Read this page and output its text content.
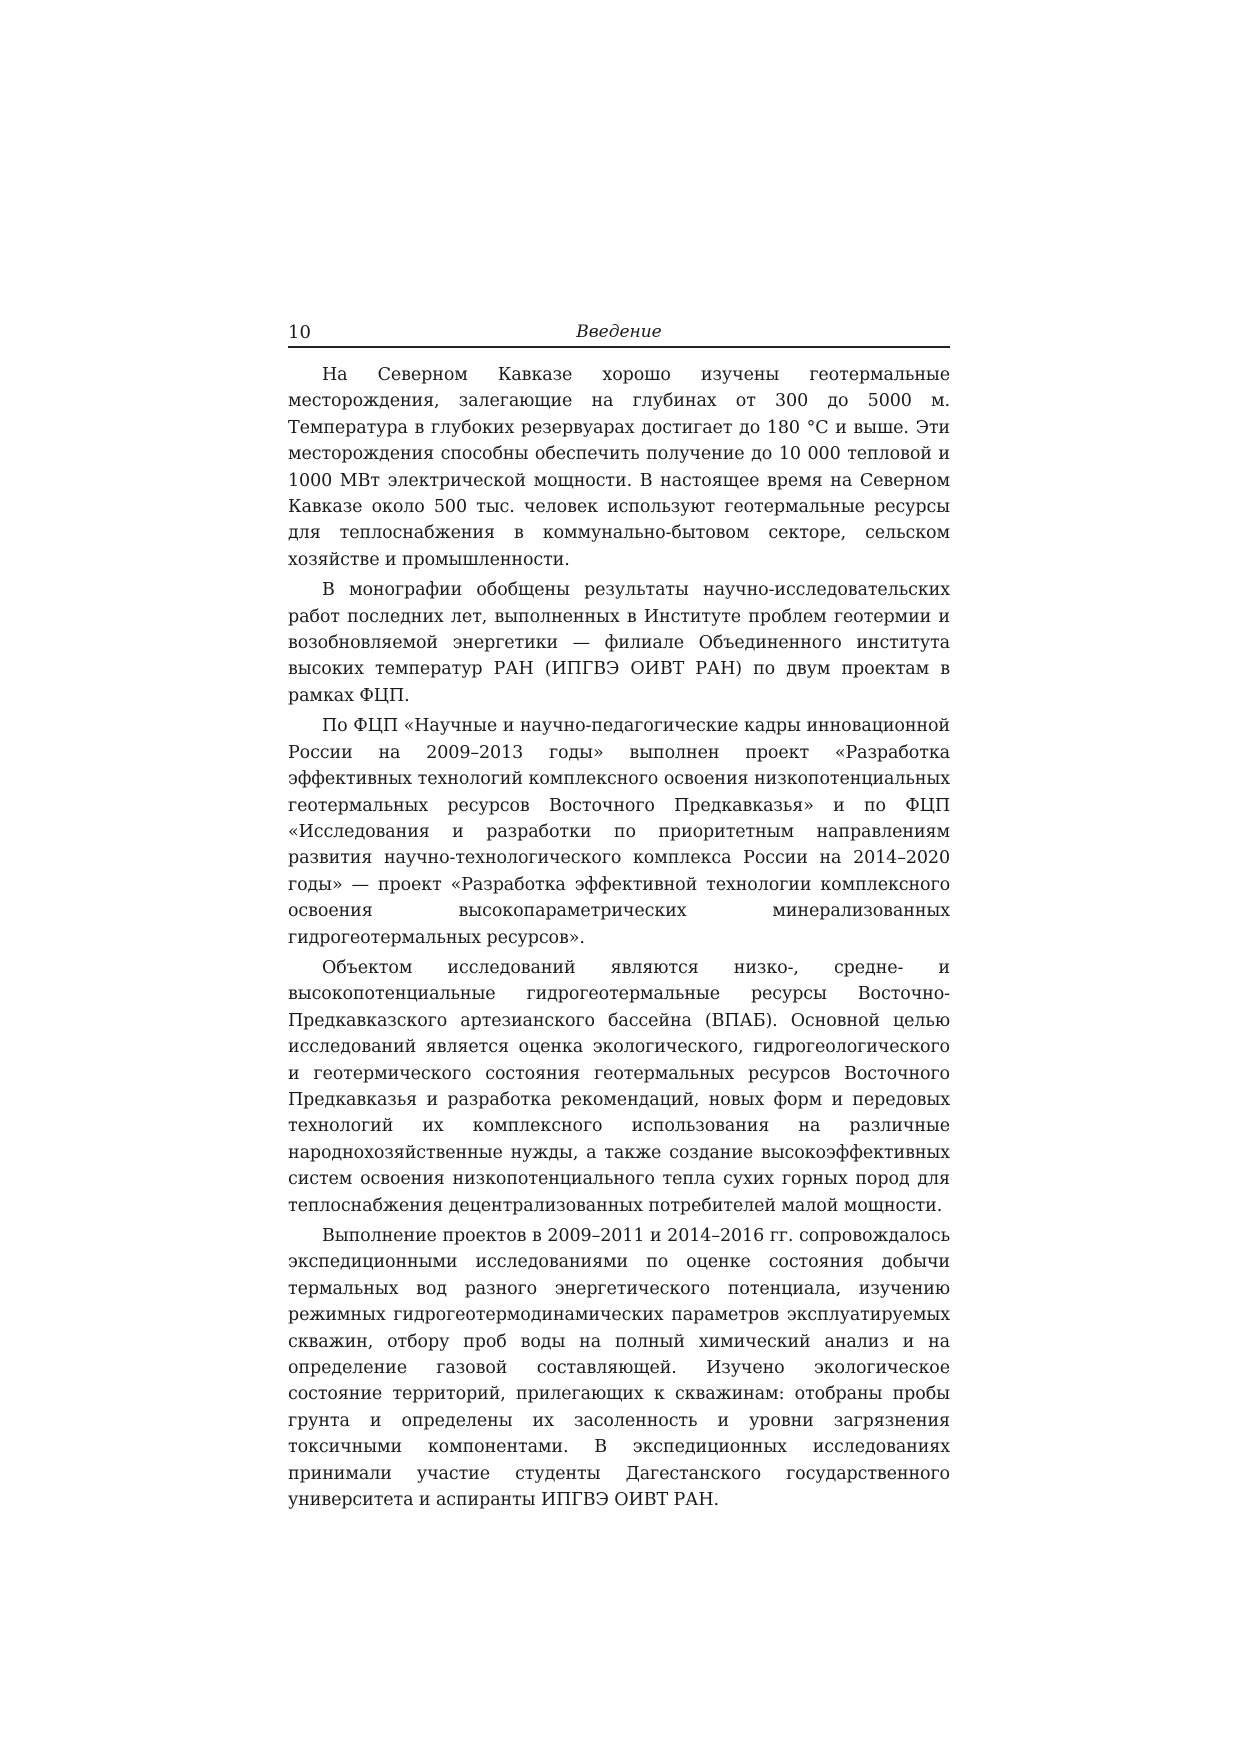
10	Введение

На Северном Кавказе хорошо изучены геотермальные месторождения, залегающие на глубинах от 300 до 5000 м. Температура в глубоких резервуарах достигает до 180 °C и выше. Эти месторождения способны обеспечить получение до 10 000 тепловой и 1000 МВт электрической мощности. В настоящее время на Северном Кавказе около 500 тыс. человек используют геотермальные ресурсы для теплоснабжения в коммунально-бытовом секторе, сельском хозяйстве и промышленности.

В монографии обобщены результаты научно-исследовательских работ последних лет, выполненных в Институте проблем геотермии и возобновляемой энергетики — филиале Объединенного института высоких температур РАН (ИПГВЭ ОИВТ РАН) по двум проектам в рамках ФЦП.

По ФЦП «Научные и научно-педагогические кадры инновационной России на 2009–2013 годы» выполнен проект «Разработка эффективных технологий комплексного освоения низкопотенциальных геотермальных ресурсов Восточного Предкавказья» и по ФЦП «Исследования и разработки по приоритетным направлениям развития научно-технологического комплекса России на 2014–2020 годы» — проект «Разработка эффективной технологии комплексного освоения высокопараметрических минерализованных гидрогеотермальных ресурсов».

Объектом исследований являются низко-, средне- и высокопотенциальные гидрогеотермальные ресурсы Восточно-Предкавказского артезианского бассейна (ВПАБ). Основной целью исследований является оценка экологического, гидрогеологического и геотермического состояния геотермальных ресурсов Восточного Предкавказья и разработка рекомендаций, новых форм и передовых технологий их комплексного использования на различные народнохозяйственные нужды, а также создание высокоэффективных систем освоения низкопотенциального тепла сухих горных пород для теплоснабжения децентрализованных потребителей малой мощности.

Выполнение проектов в 2009–2011 и 2014–2016 гг. сопровождалось экспедиционными исследованиями по оценке состояния добычи термальных вод разного энергетического потенциала, изучению режимных гидрогеотермодинамических параметров эксплуатируемых скважин, отбору проб воды на полный химический анализ и на определение газовой составляющей. Изучено экологическое состояние территорий, прилегающих к скважинам: отобраны пробы грунта и определены их засоленность и уровни загрязнения токсичными компонентами. В экспедиционных исследованиях принимали участие студенты Дагестанского государственного университета и аспиранты ИПГВЭ ОИВТ РАН.
